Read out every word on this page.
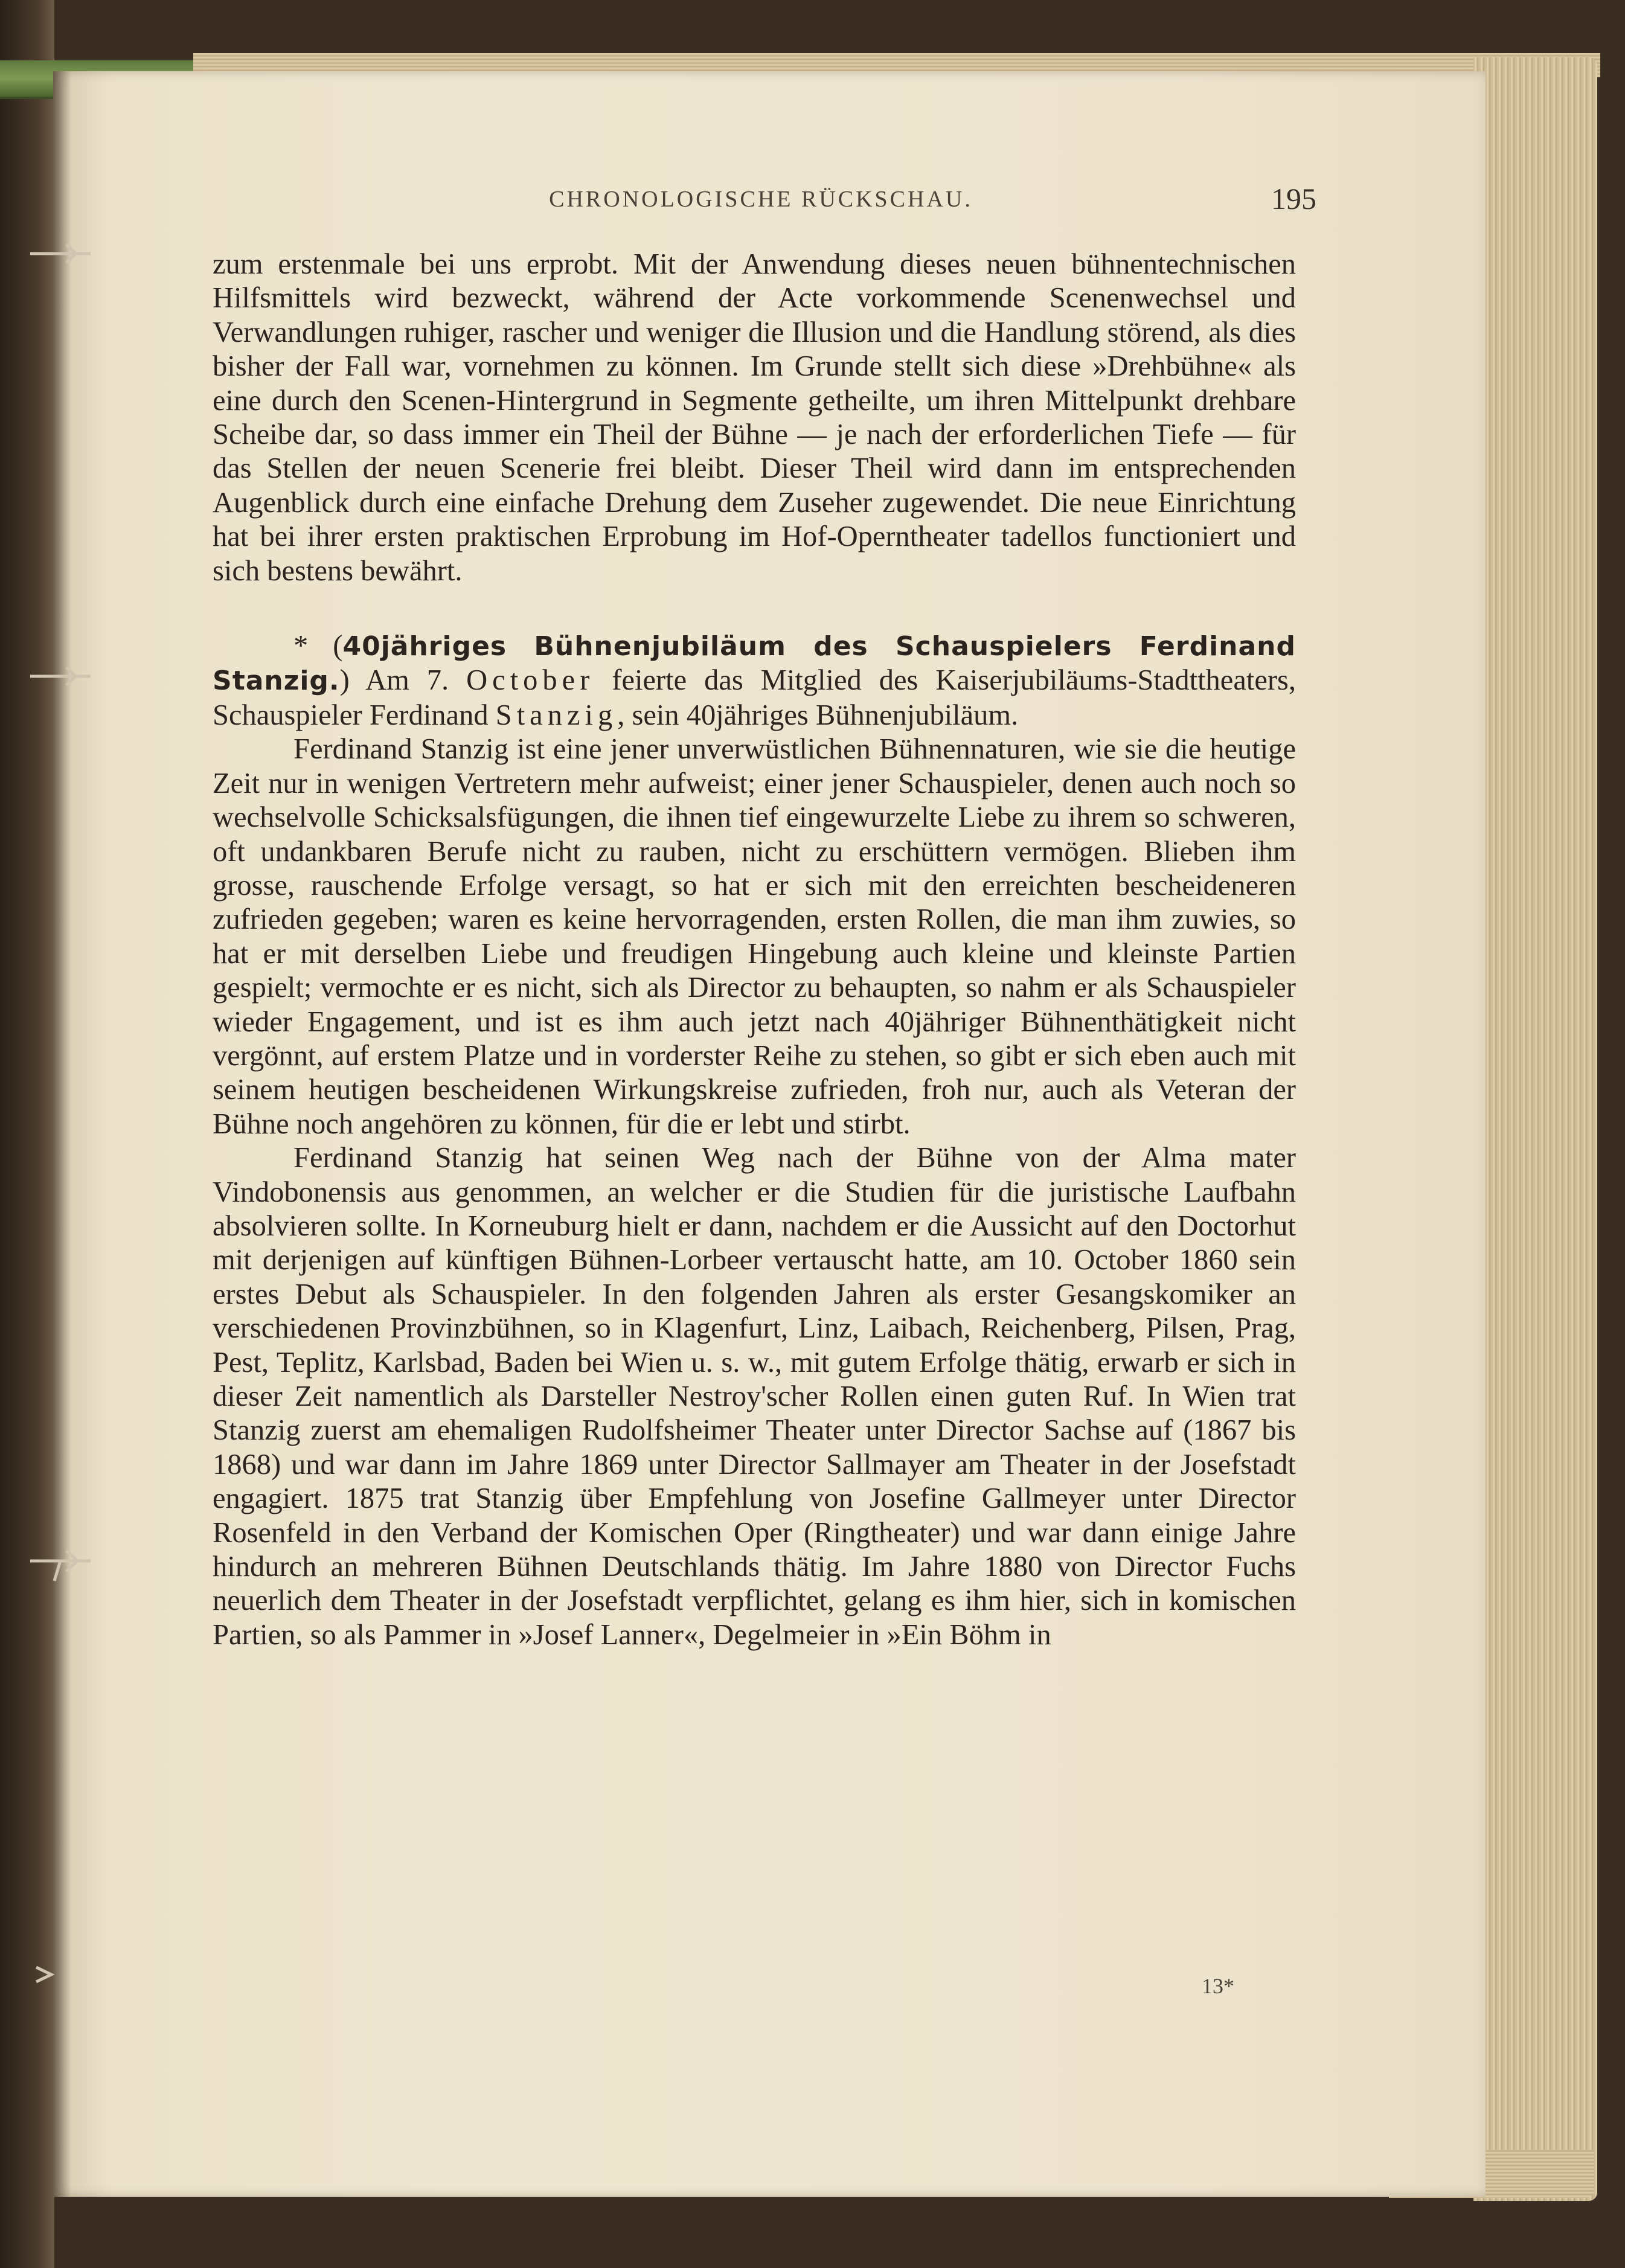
CHRONOLOGISCHE RÜCKSCHAU.	195

zum erstenmale bei uns erprobt. Mit der Anwendung dieses neuen bühnentechnischen Hilfsmittels wird bezweckt, während der Acte vorkommende Scenenwechsel und Verwandlungen ruhiger, rascher und weniger die Illusion und die Handlung störend, als dies bisher der Fall war, vornehmen zu können. Im Grunde stellt sich diese »Drehbühne« als eine durch den Scenen-Hintergrund in Segmente getheilte, um ihren Mittelpunkt drehbare Scheibe dar, so dass immer ein Theil der Bühne — je nach der erforderlichen Tiefe — für das Stellen der neuen Scenerie frei bleibt. Dieser Theil wird dann im entsprechenden Augenblick durch eine einfache Drehung dem Zuseher zugewendet. Die neue Einrichtung hat bei ihrer ersten praktischen Erprobung im Hof-Operntheater tadellos functioniert und sich bestens bewährt.

* (40jähriges Bühnenjubiläum des Schauspielers Ferdinand Stanzig.) Am 7. October feierte das Mitglied des Kaiserjubiläums-Stadttheaters, Schauspieler Ferdinand Stanzig, sein 40jähriges Bühnenjubiläum.

Ferdinand Stanzig ist eine jener unverwüstlichen Bühnennaturen, wie sie die heutige Zeit nur in wenigen Vertretern mehr aufweist; einer jener Schauspieler, denen auch noch so wechselvolle Schicksalsfügungen, die ihnen tief eingewurzelte Liebe zu ihrem so schweren, oft undankbaren Berufe nicht zu rauben, nicht zu erschüttern vermögen. Blieben ihm grosse, rauschende Erfolge versagt, so hat er sich mit den erreichten bescheideneren zufrieden gegeben; waren es keine hervorragenden, ersten Rollen, die man ihm zuwies, so hat er mit derselben Liebe und freudigen Hingebung auch kleine und kleinste Partien gespielt; vermochte er es nicht, sich als Director zu behaupten, so nahm er als Schauspieler wieder Engagement, und ist es ihm auch jetzt nach 40jähriger Bühnenthätigkeit nicht vergönnt, auf erstem Platze und in vorderster Reihe zu stehen, so gibt er sich eben auch mit seinem heutigen bescheidenen Wirkungskreise zufrieden, froh nur, auch als Veteran der Bühne noch angehören zu können, für die er lebt und stirbt.

Ferdinand Stanzig hat seinen Weg nach der Bühne von der Alma mater Vindobonensis aus genommen, an welcher er die Studien für die juristische Laufbahn absolvieren sollte. In Korneuburg hielt er dann, nachdem er die Aussicht auf den Doctorhut mit derjenigen auf künftigen Bühnen-Lorbeer vertauscht hatte, am 10. October 1860 sein erstes Debut als Schauspieler. In den folgenden Jahren als erster Gesangskomiker an verschiedenen Provinzbühnen, so in Klagenfurt, Linz, Laibach, Reichenberg, Pilsen, Prag, Pest, Teplitz, Karlsbad, Baden bei Wien u. s. w., mit gutem Erfolge thätig, erwarb er sich in dieser Zeit namentlich als Darsteller Nestroy'scher Rollen einen guten Ruf. In Wien trat Stanzig zuerst am ehemaligen Rudolfsheimer Theater unter Director Sachse auf (1867 bis 1868) und war dann im Jahre 1869 unter Director Sallmayer am Theater in der Josefstadt engagiert. 1875 trat Stanzig über Empfehlung von Josefine Gallmeyer unter Director Rosenfeld in den Verband der Komischen Oper (Ringtheater) und war dann einige Jahre hindurch an mehreren Bühnen Deutschlands thätig. Im Jahre 1880 von Director Fuchs neuerlich dem Theater in der Josefstadt verpflichtet, gelang es ihm hier, sich in komischen Partien, so als Pammer in »Josef Lanner«, Degelmeier in »Ein Böhm in

13*
